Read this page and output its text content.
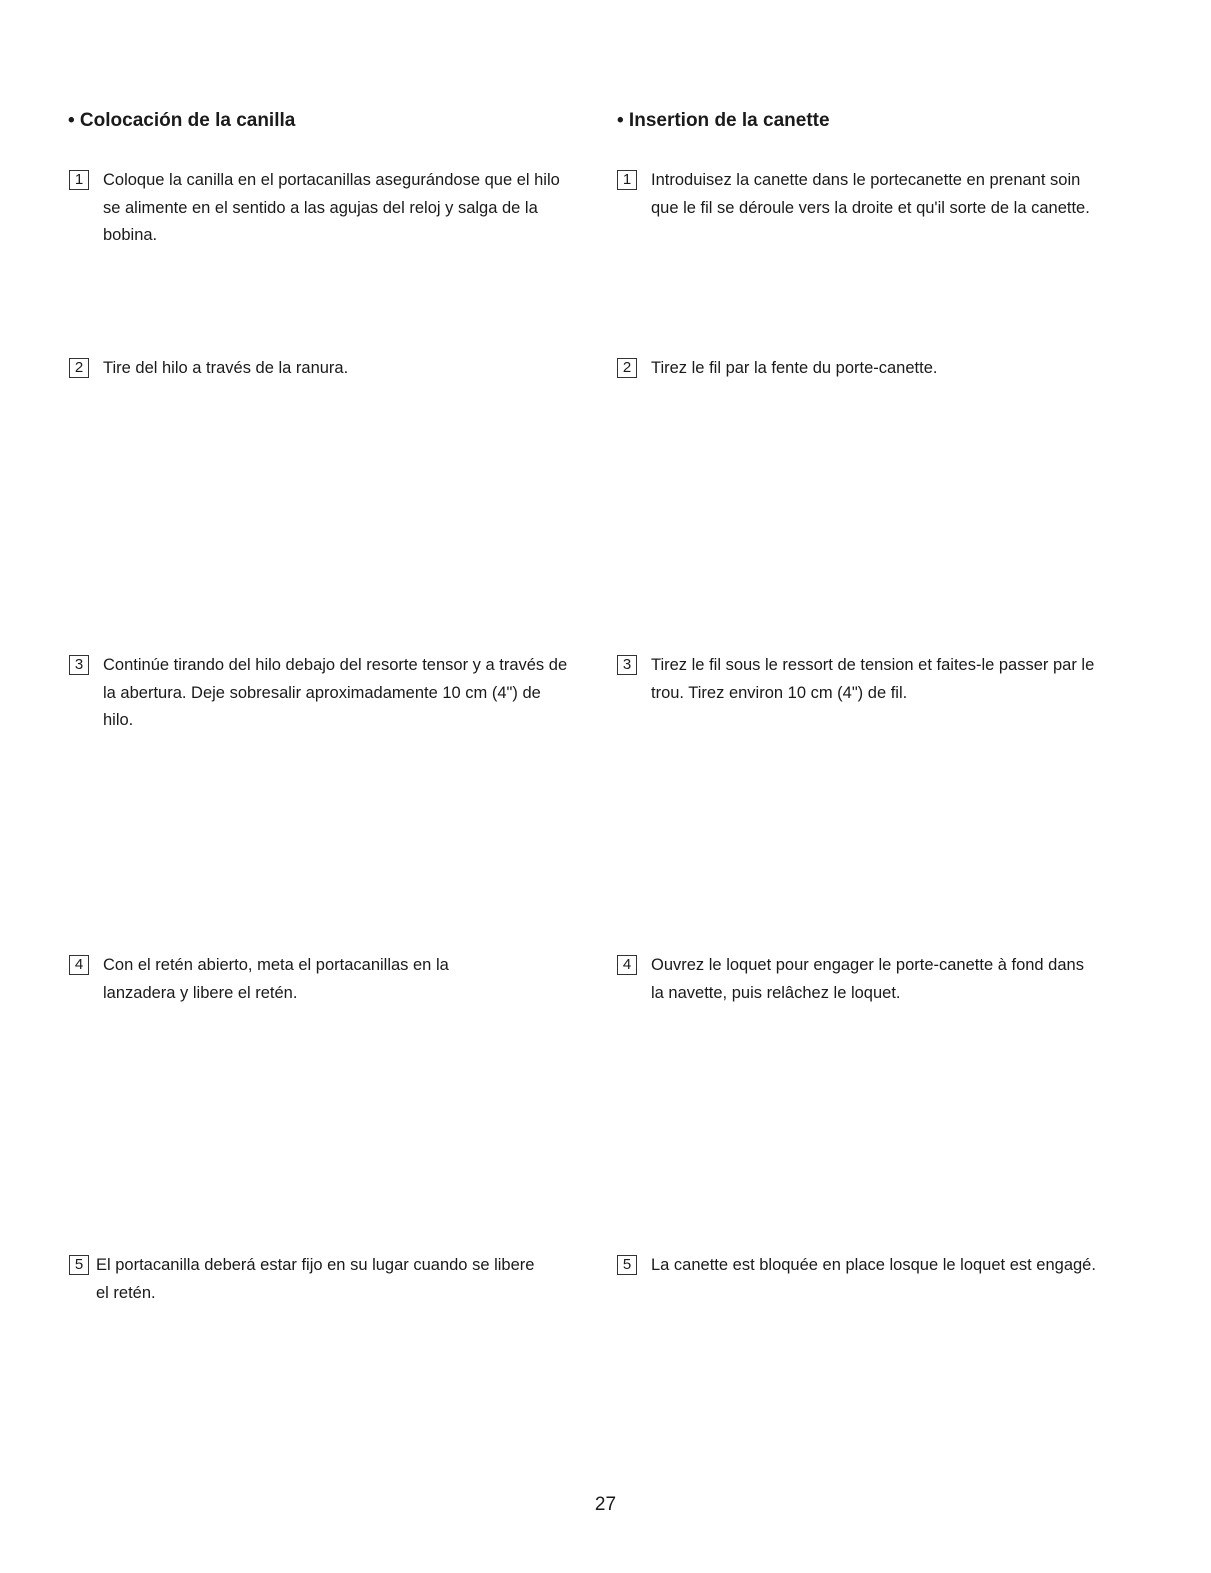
• Colocación de la canilla
1	Coloque la canilla en el portacanillas asegurándose que el hilo se alimente en el sentido a las agujas del reloj y salga de la bobina.
2	Tire del hilo a través de la ranura.
3	Continúe tirando del hilo debajo del resorte tensor y a través de la abertura. Deje sobresalir aproximadamente 10 cm (4") de hilo.
4	Con el retén abierto, meta el portacanillas en la lanzadera y libere el retén.
5 El portacanilla deberá estar fijo en su lugar cuando se libere el retén.
• Insertion de la canette
1	Introduisez la canette dans le portecanette en prenant soin que le fil se déroule vers la droite et qu'il sorte de la canette.
2	Tirez le fil par la fente du porte-canette.
3	Tirez le fil sous le ressort de tension et faites-le passer par le trou. Tirez environ 10 cm (4") de fil.
4	Ouvrez le loquet pour engager le porte-canette à fond dans la navette, puis relâchez le loquet.
5	La canette est bloquée en place losque le loquet est engagé.
27
